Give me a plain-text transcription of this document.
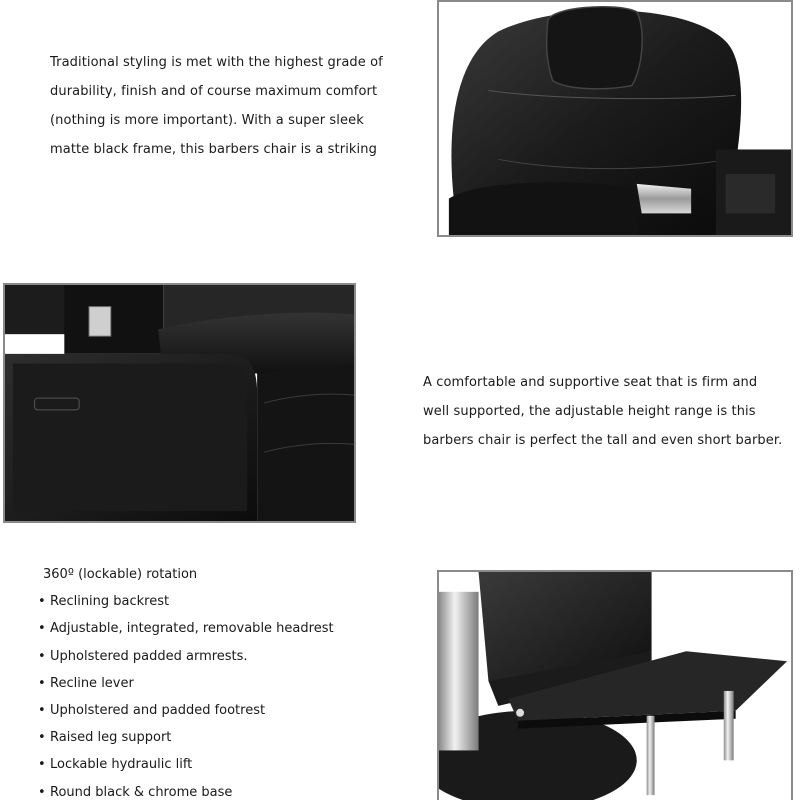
Traditional styling is met with the highest grade of
durability, finish and of course maximum comfort
(nothing is more important). With a super sleek
matte black frame, this barbers chair is a striking
A comfortable and supportive seat that is firm and
well supported, the adjustable height range is this
barbers chair is perfect the tall and even short barber.
360º (lockable) rotation
• Reclining backrest
• Adjustable, integrated, removable headrest
• Upholstered padded armrests.
• Recline lever
• Upholstered and padded footrest
• Raised leg support
• Lockable hydraulic lift
• Round black & chrome base
